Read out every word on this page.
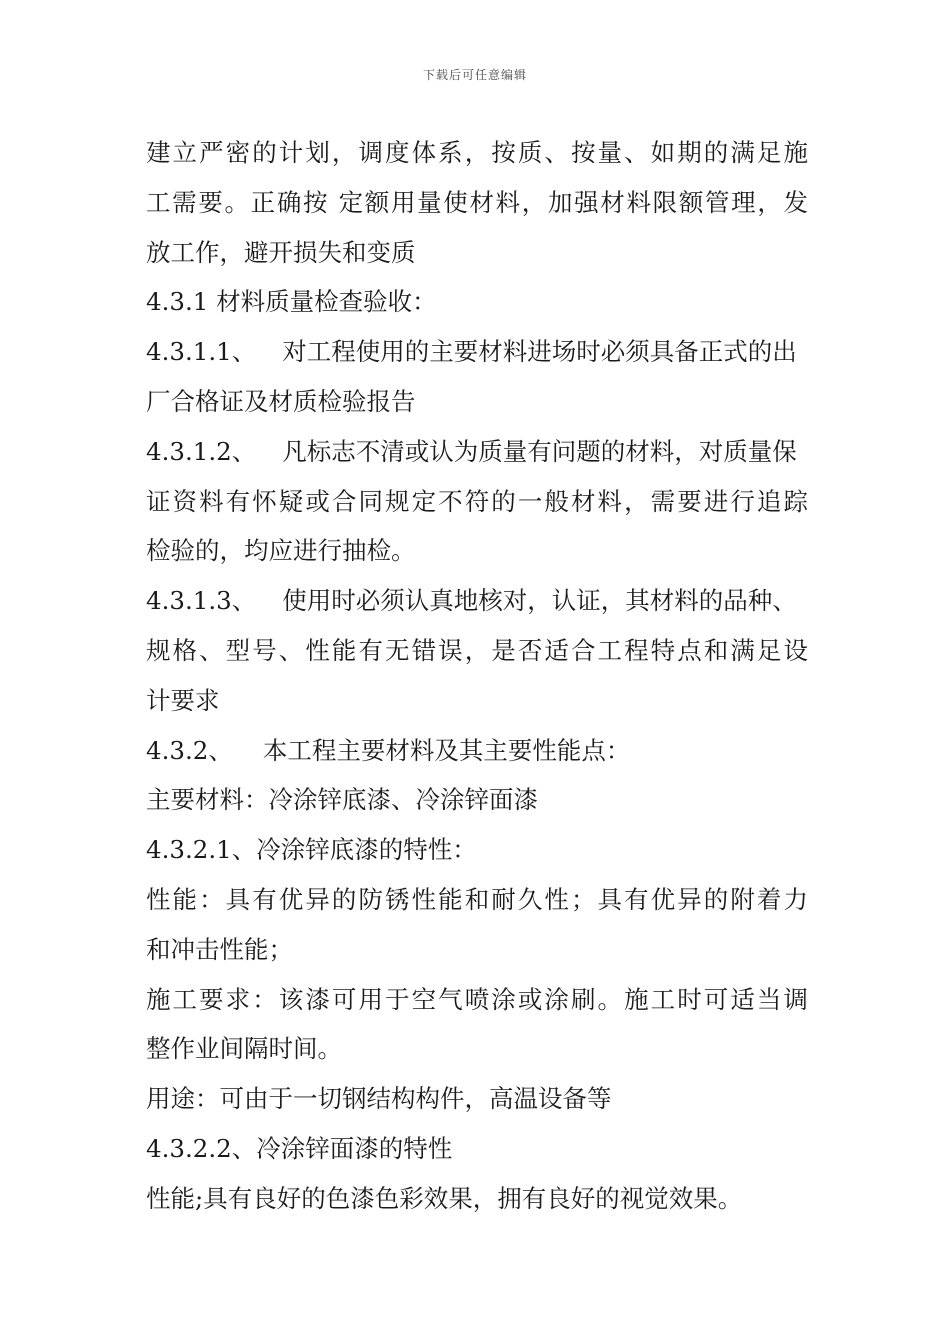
下载后可任意编辑
建立严密的计划，调度体系，按质、按量、如期的满足施
工需要。正确按 定额用量使材料，加强材料限额管理，发
放工作，避开损失和变质
4.3.1 材料质量检查验收：
4.3.1.1、 对工程使用的主要材料进场时必须具备正式的出
厂合格证及材质检验报告
4.3.1.2、 凡标志不清或认为质量有问题的材料，对质量保
证资料有怀疑或合同规定不符的一般材料，需要进行追踪
检验的，均应进行抽检。
4.3.1.3、 使用时必须认真地核对，认证，其材料的品种、
规格、型号、性能有无错误，是否适合工程特点和满足设
计要求
4.3.2、 本工程主要材料及其主要性能点：
主要材料：冷涂锌底漆、冷涂锌面漆
4.3.2.1、冷涂锌底漆的特性：
性能：具有优异的防锈性能和耐久性；具有优异的附着力
和冲击性能；
施工要求：该漆可用于空气喷涂或涂刷。施工时可适当调
整作业间隔时间。
用途：可由于一切钢结构构件，高温设备等
4.3.2.2、冷涂锌面漆的特性
性能;具有良好的色漆色彩效果，拥有良好的视觉效果。
